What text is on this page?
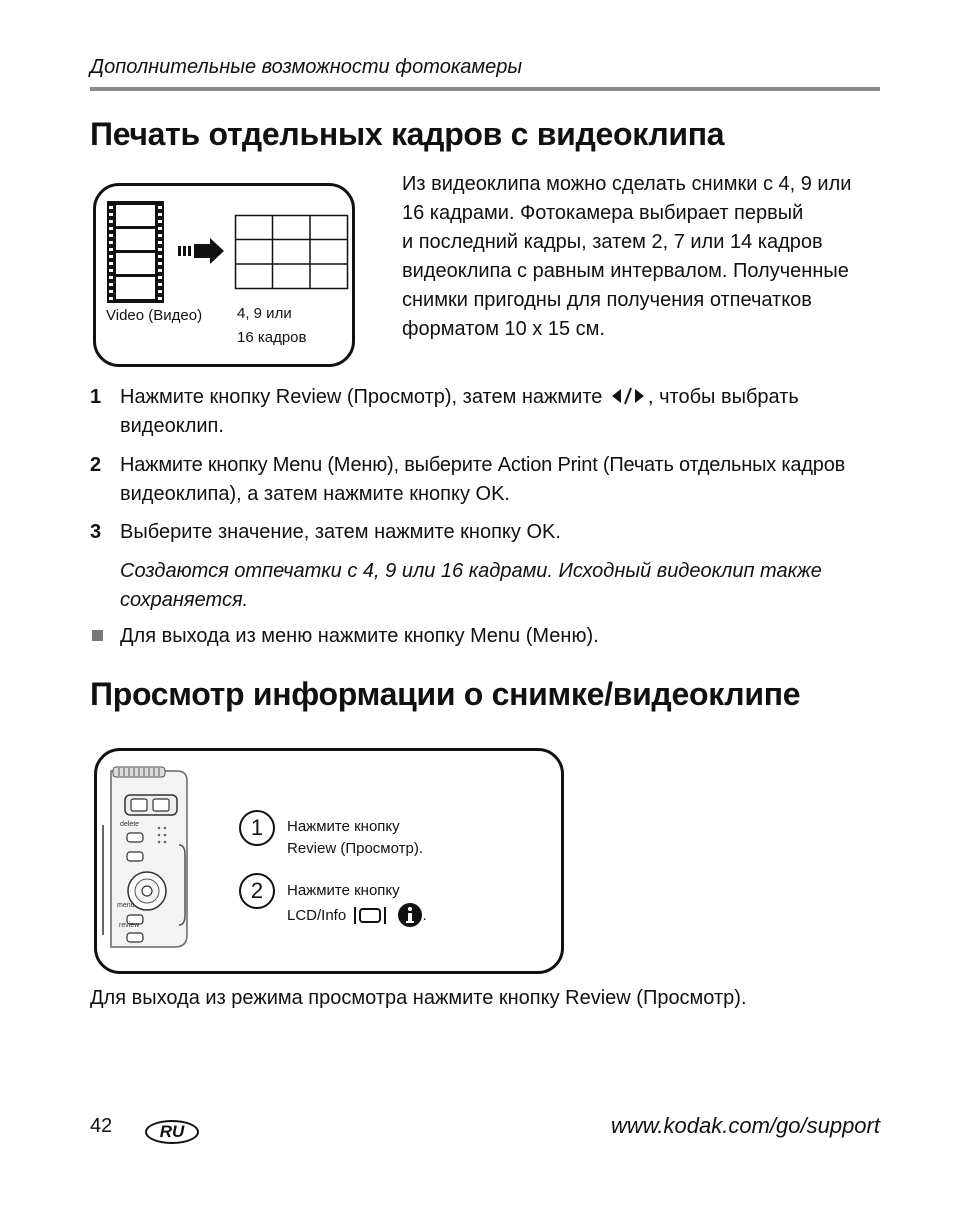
Дополнительные возможности фотокамеры
Печать отдельных кадров с видеоклипа
Video (Видео) 4, 9 или
16 кадров
Из видеоклипа можно сделать снимки с 4, 9 или
16 кадрами. Фотокамера выбирает первый
и последний кадры, затем 2, 7 или 14 кадров
видеоклипа с равным интервалом. Полученные
снимки пригодны для получения отпечатков
форматом 10 x 15 см.
1 Нажмите кнопку Review (Просмотр), затем нажмите , чтобы выбрать
видеоклип.
2 Нажмите кнопку Menu (Меню), выберите Action Print (Печать отдельных кадров
видеоклипа), а затем нажмите кнопку OK.
3 Выберите значение, затем нажмите кнопку OK.
Создаются отпечатки с 4, 9 или 16 кадрами. Исходный видеоклип также
сохраняется.
Для выхода из меню нажмите кнопку Menu (Меню).
Просмотр информации о снимке/видеоклипе
delete
menu
review
1	Нажмите кнопку
Review (Просмотр).
2	Нажмите кнопку
LCD/Info	.
Для выхода из режима просмотра нажмите кнопку Review (Просмотр).
42	RU	www.kodak.com/go/support
